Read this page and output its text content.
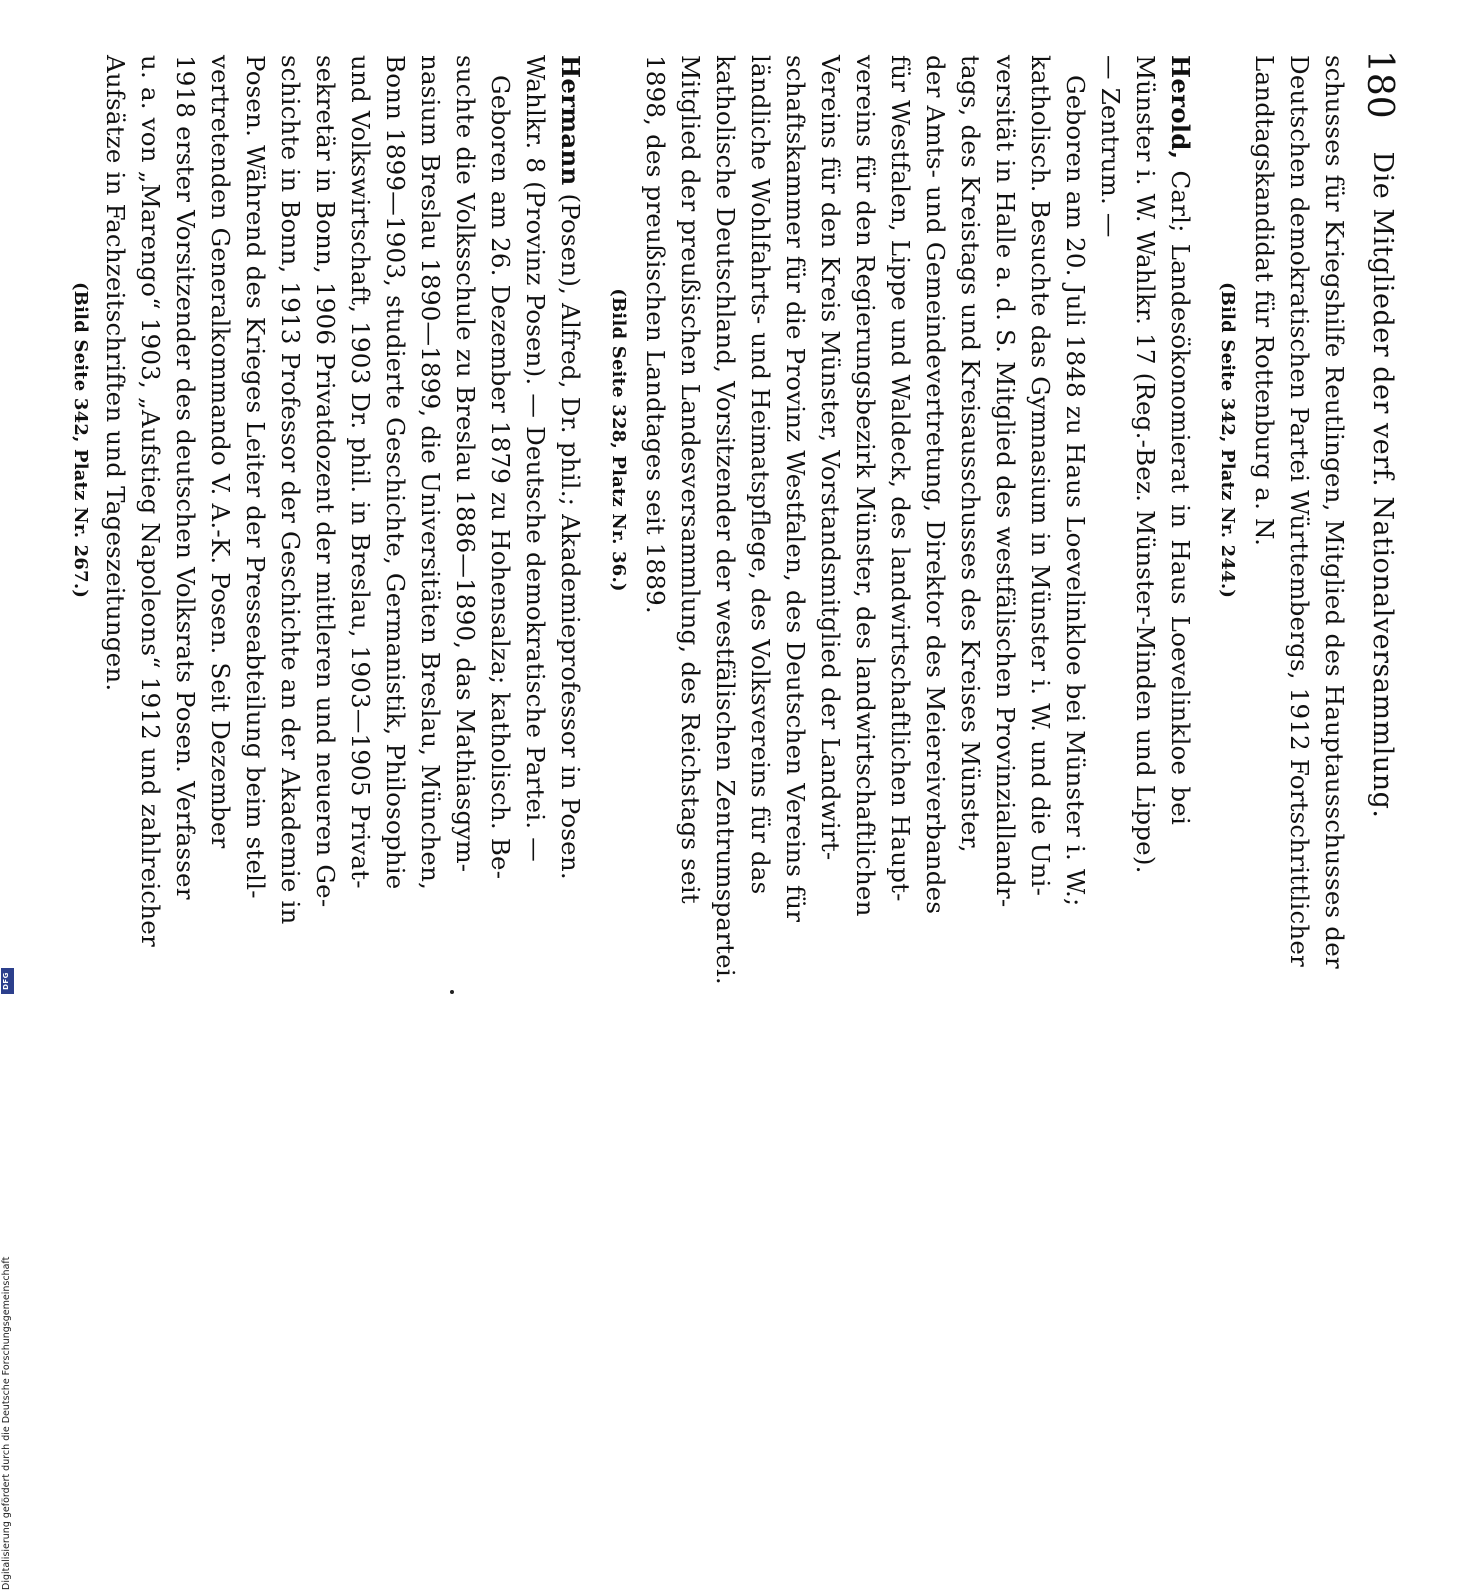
180
Die Mitglieder der verf. Nationalversammlung.

schusses für Kriegshilfe Reutlingen, Mitglied des Hauptausschusses der

Deutschen demokratischen Partei Württembergs, 1912 Fortschrittlicher

Landtagskandidat für Rottenburg a. N.

(Bild Seite 342, Platz Nr. 244.)

Herold, Carl; Landesökonomierat in Haus Loevelinkloe bei

Münster i. W. Wahlkr. 17 (Reg.-Bez. Münster-Minden und Lippe).

— Zentrum. —

Geboren am 20. Juli 1848 zu Haus Loevelinkloe bei Münster i. W.;

katholisch. Besuchte das Gymnasium in Münster i. W. und die Uni-

versität in Halle a. d. S. Mitglied des westfälischen Provinziallandr-

tags, des Kreistags und Kreisausschusses des Kreises Münster,

der Amts- und Gemeindevertretung, Direktor des Meiereiverbandes

für Westfalen, Lippe und Waldeck, des landwirtschaftlichen Haupt-

vereins für den Regierungsbezirk Münster, des landwirtschaftlichen

Vereins für den Kreis Münster, Vorstandsmitglied der Landwirt-

schaftskammer für die Provinz Westfalen, des Deutschen Vereins für

ländliche Wohlfahrts- und Heimatspflege, des Volksvereins für das

katholische Deutschland, Vorsitzender der westfälischen Zentrumspartei.

Mitglied der preußischen Landesversammlung, des Reichstags seit

1898, des preußischen Landtages seit 1889.

(Bild Seite 328, Platz Nr. 36.)

Hermann (Posen), Alfred, Dr. phil.; Akademieprofessor in Posen.

Wahlkr. 8 (Provinz Posen). — Deutsche demokratische Partei. —

Geboren am 26. Dezember 1879 zu Hohensalza; katholisch. Be-

suchte die Volksschule zu Breslau 1886—1890, das Mathiasgym-

nasium Breslau 1890—1899, die Universitäten Breslau, München,

Bonn 1899—1903, studierte Geschichte, Germanistik, Philosophie

und Volkswirtschaft, 1903 Dr. phil. in Breslau, 1903—1905 Privat-

sekretär in Bonn, 1906 Privatdozent der mittleren und neueren Ge-

schichte in Bonn, 1913 Professor der Geschichte an der Akademie in

Posen. Während des Krieges Leiter der Presseabteilung beim stell-

vertretenden Generalkommando V. A.-K. Posen. Seit Dezember

1918 erster Vorsitzender des deutschen Volksrats Posen. Verfasser

u. a. von „Marengo“ 1903, „Aufstieg Napoleons“ 1912 und zahlreicher

Aufsätze in Fachzeitschriften und Tageszeitungen.

(Bild Seite 342, Platz Nr. 267.)

Digitalisierung gefördert durch die Deutsche Forschungsgemeinschaft
DFG
